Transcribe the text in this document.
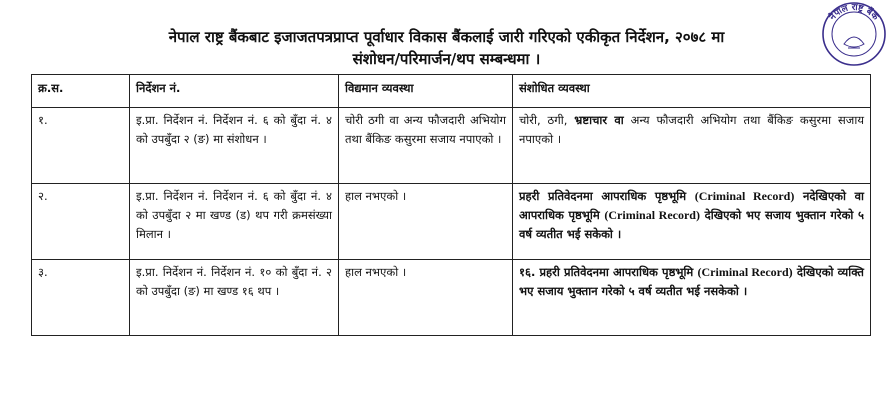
नेपाल राष्ट्र बैंकबाट इजाजतपत्रप्राप्त पूर्वाधार विकास बैंकलाई जारी गरिएको एकीकृत निर्देशन, २०७८ मा
संशोधन/परिमार्जन/थप सम्बन्धमा ।
नेपाल राष्ट्र बैंक
क्र.स.	निर्देशन नं.	विद्यमान व्यवस्था	संशोधित व्यवस्था
१.	इ.प्रा. निर्देशन नं. निर्देशन नं. ६ को बुँदा नं. ४ को उपबुँदा २ (ङ) मा संशोधन ।	चोरी ठगी वा अन्य फौजदारी अभियोग तथा बैंकिङ कसुरमा सजाय नपाएको ।	चोरी, ठगी, भ्रष्टाचार वा अन्य फौजदारी अभियोग तथा बैंकिङ कसुरमा सजाय नपाएको ।
२.	इ.प्रा. निर्देशन नं. निर्देशन नं. ६ को बुँदा नं. ४ को उपबुँदा २ मा खण्ड (ड) थप गरी क्रमसंख्या मिलान ।	हाल नभएको ।	प्रहरी प्रतिवेदनमा आपराधिक पृष्ठभूमि (Criminal Record) नदेखिएको वा आपराधिक पृष्ठभूमि (Criminal Record) देखिएको भए सजाय भुक्तान गरेको ५ वर्ष व्यतीत भई सकेको ।
३.	इ.प्रा. निर्देशन नं. निर्देशन नं. १० को बुँदा नं. २ को उपबुँदा (ङ) मा खण्ड १६ थप ।	हाल नभएको ।	१६. प्रहरी प्रतिवेदनमा आपराधिक पृष्ठभूमि (Criminal Record) देखिएको व्यक्ति भए सजाय भुक्तान गरेको ५ वर्ष व्यतीत भई नसकेको ।
